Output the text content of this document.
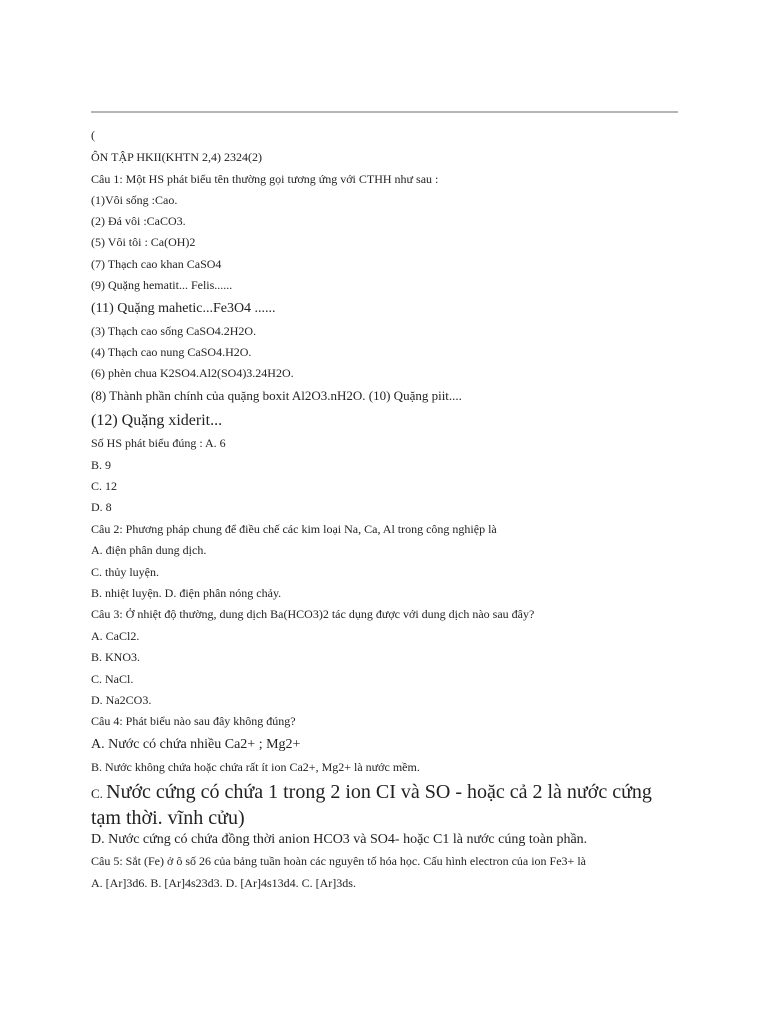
(
ÔN TẬP HKII(KHTN 2,4) 2324(2)
Câu 1: Một HS phát biểu tên thường gọi tương ứng với CTHH như sau :
(1)Vôi sống :Cao.
(2) Đá vôi :CaCO3.
(5) Vôi tôi : Ca(OH)2
(7) Thạch cao khan CaSO4
(9) Quặng hematit... Felis......
(11) Quặng mahetic...Fe3O4 ......
(3) Thạch cao sống CaSO4.2H2O.
(4) Thạch cao nung CaSO4.H2O.
(6) phèn chua K2SO4.Al2(SO4)3.24H2O.
(8) Thành phần chính của quặng boxit Al2O3.nH2O. (10) Quặng piit....
(12) Quặng xiderit...
Số HS phát biểu đúng : A. 6
B. 9
C. 12
D. 8
Câu 2: Phương pháp chung để điều chế các kim loại Na, Ca, Al trong công nghiệp là
A. điện phân dung dịch.
C. thủy luyện.
B. nhiệt luyện. D. điện phân nóng chảy.
Câu 3: Ở nhiệt độ thường, dung dịch Ba(HCO3)2 tác dụng được với dung dịch nào sau đây?
A. CaCl2.
B. KNO3.
C. NaCl.
D. Na2CO3.
Câu 4: Phát biểu nào sau đây không đúng?
A. Nước có chứa nhiều Ca2+ ; Mg2+
B. Nước không chứa hoặc chứa rất ít ion Ca2+, Mg2+ là nước mềm.
C. Nước cứng có chứa 1 trong 2 ion CI và SO - hoặc cả 2 là nước cứng tạm thời. vĩnh cửu)
D. Nước cứng có chứa đồng thời anion HCO3 và SO4- hoặc C1 là nước cúng toàn phần.
Câu 5: Sắt (Fe) ở ô số 26 của bảng tuần hoàn các nguyên tố hóa học. Cấu hình electron của ion Fe3+ là
A. [Ar]3d6. B. [Ar]4s23d3. D. [Ar]4s13d4. C. [Ar]3ds.
